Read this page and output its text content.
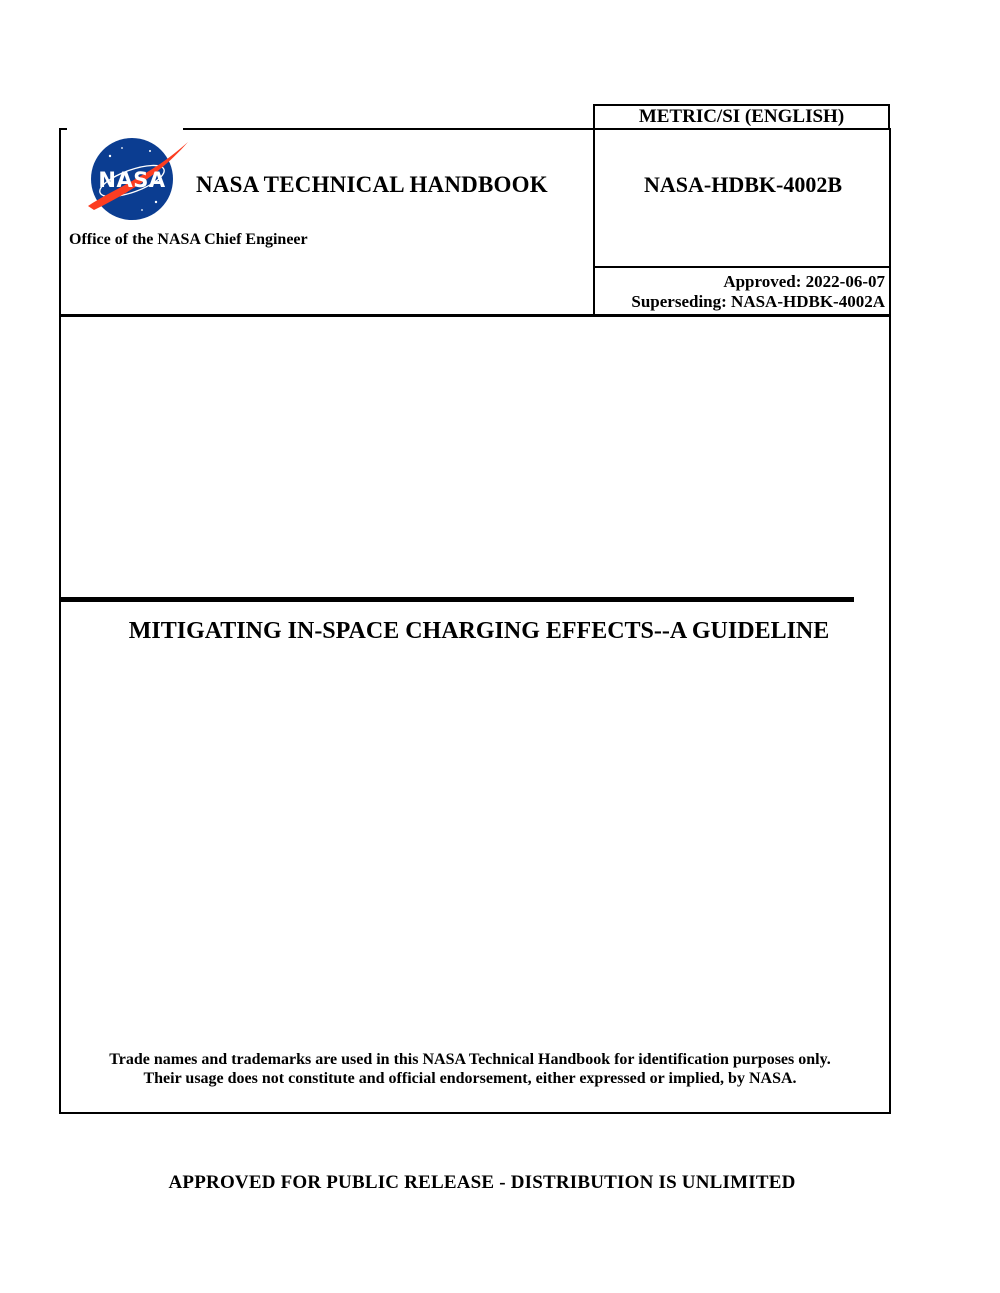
METRIC/SI (ENGLISH)
NASA NASA TECHNICAL HANDBOOK
Office of the NASA Chief Engineer
NASA-HDBK-4002B
Approved: 2022-06-07
Superseding: NASA-HDBK-4002A
MITIGATING IN-SPACE CHARGING EFFECTS--A GUIDELINE
Trade names and trademarks are used in this NASA Technical Handbook for identification purposes only.
Their usage does not constitute and official endorsement, either expressed or implied, by NASA.
APPROVED FOR PUBLIC RELEASE - DISTRIBUTION IS UNLIMITED
